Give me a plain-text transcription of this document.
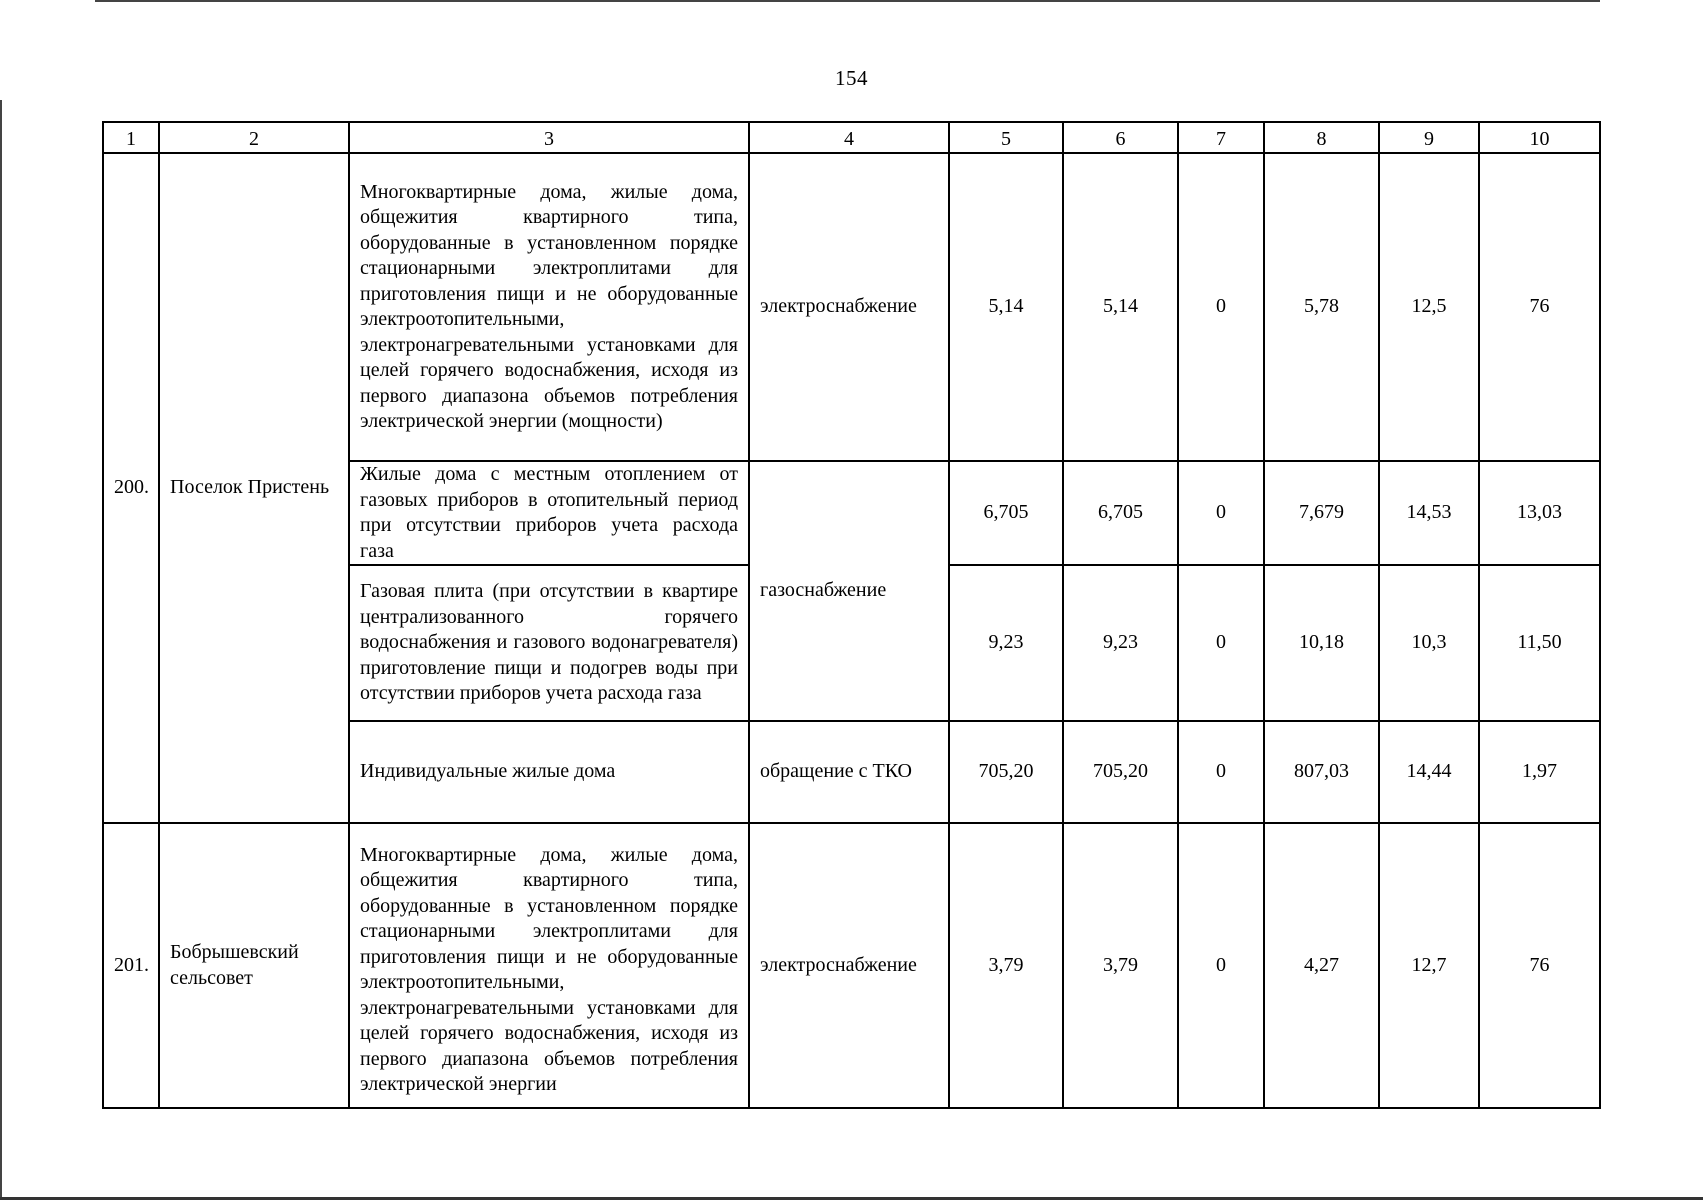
154
1	2	3	4	5	6	7	8	9	10
200.	Поселок Пристень	Многоквартирные дома, жилые дома, общежития квартирного типа, оборудованные в установленном порядке стационарными электроплитами для приготовления пищи и не оборудованные электроотопительными, электронагревательными установками для целей горячего водоснабжения, исходя из первого диапазона объемов потребления электрической энергии (мощности)	электроснабжение	5,14	5,14	0	5,78	12,5	76
		Жилые дома с местным отоплением от газовых приборов в отопительный период при отсутствии приборов учета расхода газа	газоснабжение	6,705	6,705	0	7,679	14,53	13,03
		Газовая плита (при отсутствии в квартире централизованного горячего водоснабжения и газового водонагревателя) приготовление пищи и подогрев воды при отсутствии приборов учета расхода газа		9,23	9,23	0	10,18	10,3	11,50
		Индивидуальные жилые дома	обращение с ТКО	705,20	705,20	0	807,03	14,44	1,97
201.	Бобрышевский сельсовет	Многоквартирные дома, жилые дома, общежития квартирного типа, оборудованные в установленном порядке стационарными электроплитами для приготовления пищи и не оборудованные электроотопительными, электронагревательными установками для целей горячего водоснабжения, исходя из первого диапазона объемов потребления электрической энергии	электроснабжение	3,79	3,79	0	4,27	12,7	76
